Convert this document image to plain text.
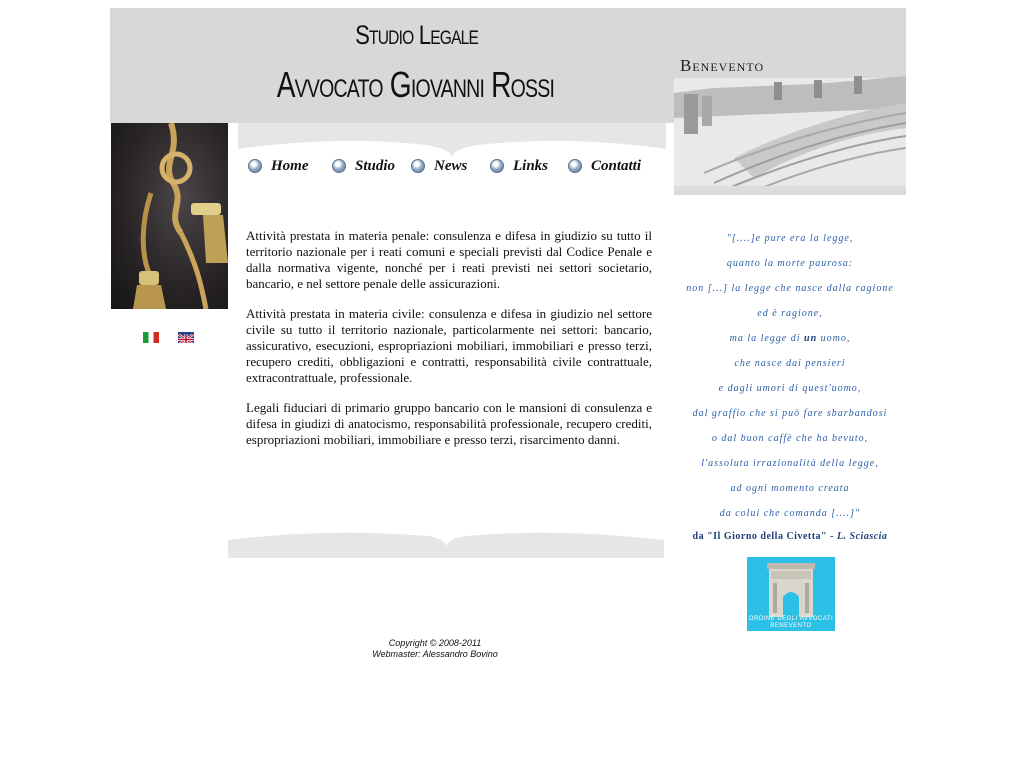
Studio Legale
Avvocato Giovanni Rossi	Benevento
Home	Studio	News	Links	Contatti

Attività prestata in materia penale: consulenza e difesa in giudizio su tutto il territorio nazionale per i reati comuni e speciali previsti dal Codice Penale e dalla normativa vigente, nonché per i reati previsti nei settori societario, bancario, e nel settore penale delle assicurazioni.

Attività prestata in materia civile: consulenza e difesa in giudizio nel settore civile su tutto il territorio nazionale, particolarmente nei settori: bancario, assicurativo, esecuzioni, espropriazioni mobiliari, immobiliari e presso terzi, recupero crediti, obbligazioni e contratti, responsabilità civile contrattuale, extracontrattuale, professionale.

Legali fiduciari di primario gruppo bancario con le mansioni di consulenza e difesa in giudizi di anatocismo, responsabilità professionale, recupero crediti, espropriazioni mobiliari, immobiliare e presso terzi, risarcimento danni.

"[....]e pure era la legge,
quanto la morte paurosa:
non [...] la legge che nasce dalla ragione
ed è ragione,
ma la legge di un uomo,
che nasce dai pensieri
e dagli umori di quest'uomo,
dal graffio che si può fare sbarbandosi
o dal buon caffè che ha bevuto,
l'assoluta irrazionalità della legge,
ad ogni momento creata
da colui che comanda [....]"
da "Il Giorno della Civetta" - L. Sciascia
ORDINE DEGLI AVVOCATI
BENEVENTO
Copyright © 2008-2011
Webmaster: Alessandro Bovino
